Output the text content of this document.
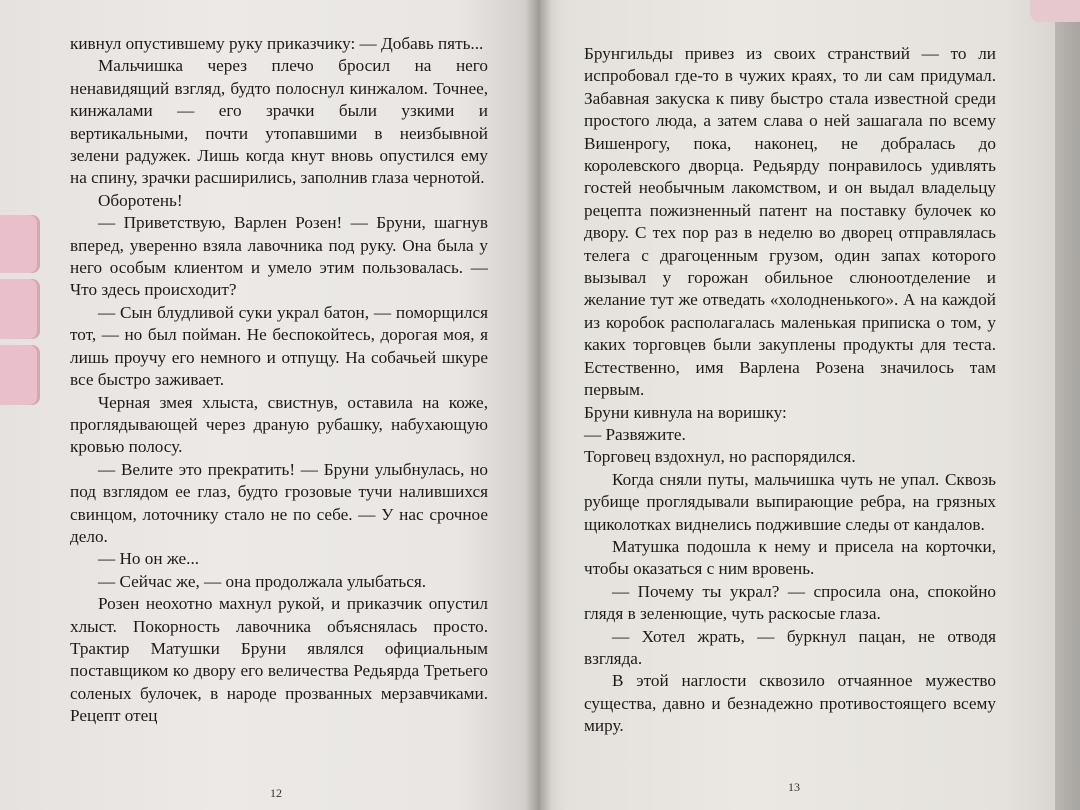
кивнул опустившему руку приказчику: — Добавь пять...

Мальчишка через плечо бросил на него ненавидящий взгляд, будто полоснул кинжалом. Точнее, кинжалами — его зрачки были узкими и вертикальными, почти утопавшими в неизбывной зелени радужек. Лишь когда кнут вновь опустился ему на спину, зрачки расширились, заполнив глаза чернотой.

Оборотень!

— Приветствую, Варлен Розен! — Бруни, шагнув вперед, уверенно взяла лавочника под руку. Она была у него особым клиентом и умело этим пользовалась. — Что здесь происходит?

— Сын блудливой суки украл батон, — поморщился тот, — но был пойман. Не беспокойтесь, дорогая моя, я лишь проучу его немного и отпущу. На собачьей шкуре все быстро заживает.

Черная змея хлыста, свистнув, оставила на коже, проглядывающей через драную рубашку, набухающую кровью полосу.

— Велите это прекратить! — Бруни улыбнулась, но под взглядом ее глаз, будто грозовые тучи налившихся свинцом, лоточнику стало не по себе. — У нас срочное дело.

— Но он же...

— Сейчас же, — она продолжала улыбаться.

Розен неохотно махнул рукой, и приказчик опустил хлыст. Покорность лавочника объяснялась просто. Трактир Матушки Бруни являлся официальным поставщиком ко двору его величества Редьярда Третьего соленых булочек, в народе прозванных мерзавчиками. Рецепт отец

12

Брунгильды привез из своих странствий — то ли испробовал где-то в чужих краях, то ли сам придумал. Забавная закуска к пиву быстро стала известной среди простого люда, а затем слава о ней зашагала по всему Вишенрогу, пока, наконец, не добралась до королевского дворца. Редьярду понравилось удивлять гостей необычным лакомством, и он выдал владельцу рецепта пожизненный патент на поставку булочек ко двору. С тех пор раз в неделю во дворец отправлялась телега с драгоценным грузом, один запах которого вызывал у горожан обильное слюноотделение и желание тут же отведать «холодненького». А на каждой из коробок располагалась маленькая приписка о том, у каких торговцев были закуплены продукты для теста. Естественно, имя Варлена Розена значилось там первым.

Бруни кивнула на воришку:

— Развяжите.

Торговец вздохнул, но распорядился.

Когда сняли путы, мальчишка чуть не упал. Сквозь рубище проглядывали выпирающие ребра, на грязных щиколотках виднелись поджившие следы от кандалов.

Матушка подошла к нему и присела на корточки, чтобы оказаться с ним вровень.

— Почему ты украл? — спросила она, спокойно глядя в зеленющие, чуть раскосые глаза.

— Хотел жрать, — буркнул пацан, не отводя взгляда.

В этой наглости сквозило отчаянное мужество существа, давно и безнадежно противостоящего всему миру.

13
